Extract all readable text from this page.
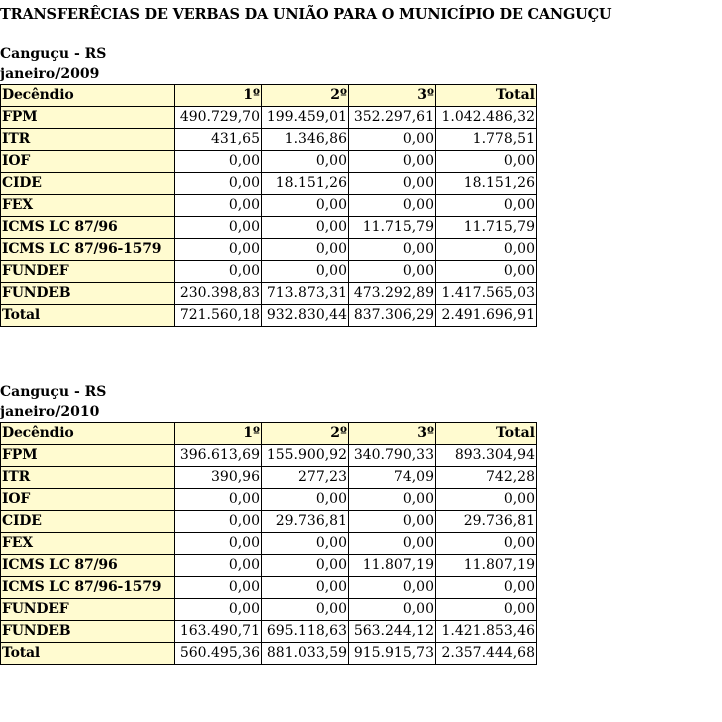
TRANSFERÊCIAS DE VERBAS DA UNIÃO PARA O MUNICÍPIO DE CANGUÇU
Canguçu - RS
janeiro/2009
Decêndio	1º	2º	3º	Total
FPM	490.729,70	199.459,01	352.297,61	1.042.486,32
ITR	431,65	1.346,86	0,00	1.778,51
IOF	0,00	0,00	0,00	0,00
CIDE	0,00	18.151,26	0,00	18.151,26
FEX	0,00	0,00	0,00	0,00
ICMS LC 87/96	0,00	0,00	11.715,79	11.715,79
ICMS LC 87/96-1579	0,00	0,00	0,00	0,00
FUNDEF	0,00	0,00	0,00	0,00
FUNDEB	230.398,83	713.873,31	473.292,89	1.417.565,03
Total	721.560,18	932.830,44	837.306,29	2.491.696,91
Canguçu - RS
janeiro/2010
Decêndio	1º	2º	3º	Total
FPM	396.613,69	155.900,92	340.790,33	893.304,94
ITR	390,96	277,23	74,09	742,28
IOF	0,00	0,00	0,00	0,00
CIDE	0,00	29.736,81	0,00	29.736,81
FEX	0,00	0,00	0,00	0,00
ICMS LC 87/96	0,00	0,00	11.807,19	11.807,19
ICMS LC 87/96-1579	0,00	0,00	0,00	0,00
FUNDEF	0,00	0,00	0,00	0,00
FUNDEB	163.490,71	695.118,63	563.244,12	1.421.853,46
Total	560.495,36	881.033,59	915.915,73	2.357.444,68
